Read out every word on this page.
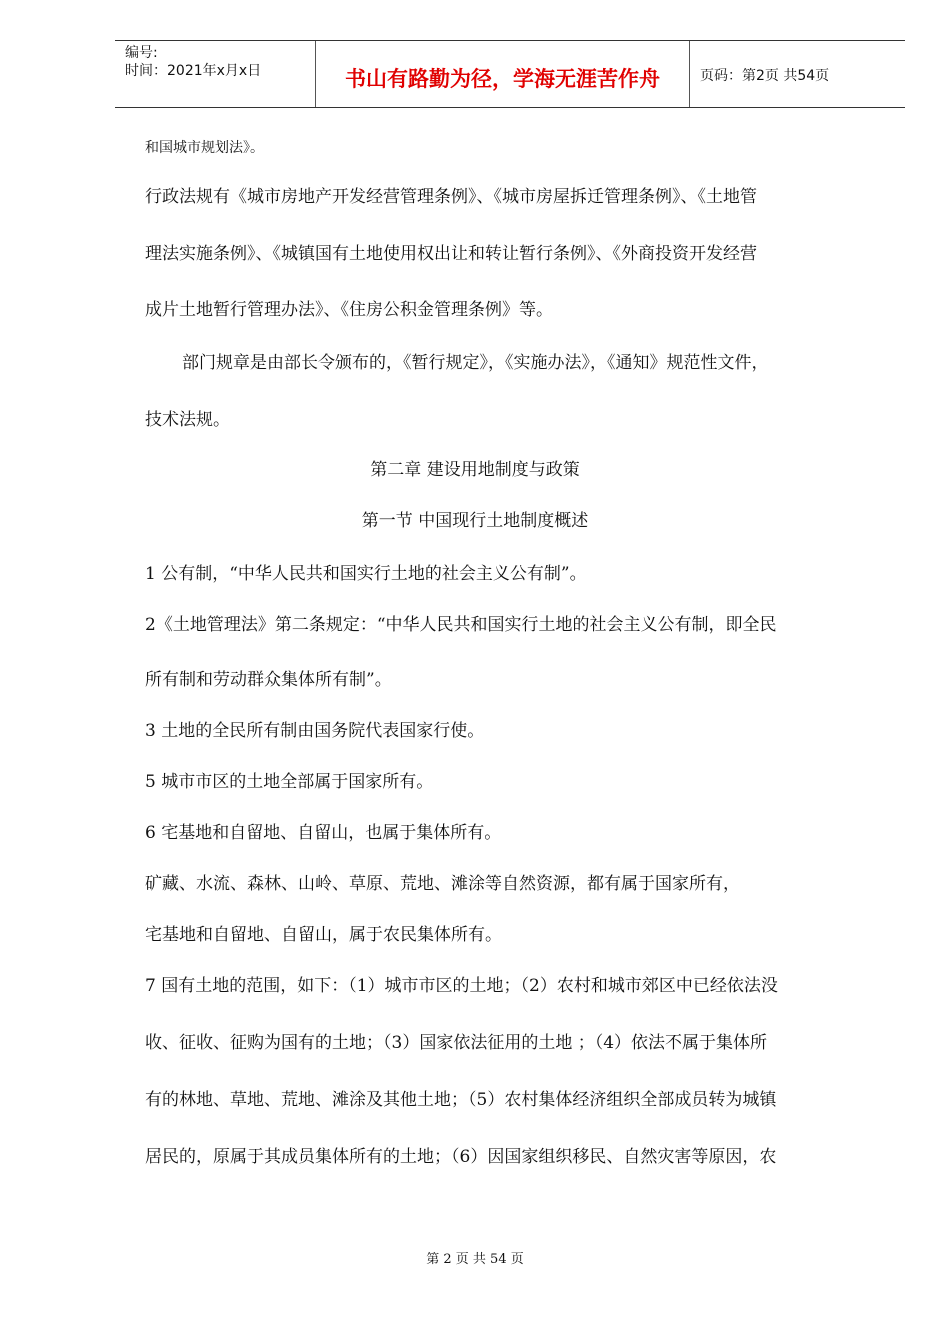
编号:
时间：2021年x月x日	书山有路勤为径，学海无涯苦作舟	页码：第2页 共54页
和国城市规划法》。
行政法规有《城市房地产开发经营管理条例》、《城市房屋拆迁管理条例》、《土地管
理法实施条例》、《城镇国有土地使用权出让和转让暂行条例》、《外商投资开发经营
成片土地暂行管理办法》、《住房公积金管理条例》等。
部门规章是由部长令颁布的，《暂行规定》，《实施办法》，《通知》规范性文件，
技术法规。
第二章 建设用地制度与政策
第一节 中国现行土地制度概述
1 公有制，“中华人民共和国实行土地的社会主义公有制”。
2《土地管理法》第二条规定：“中华人民共和国实行土地的社会主义公有制，即全民
所有制和劳动群众集体所有制”。
3 土地的全民所有制由国务院代表国家行使。
5 城市市区的土地全部属于国家所有。
6 宅基地和自留地、自留山，也属于集体所有。
矿藏、水流、森林、山岭、草原、荒地、滩涂等自然资源，都有属于国家所有，
宅基地和自留地、自留山，属于农民集体所有。
7 国有土地的范围，如下：（1）城市市区的土地；（2）农村和城市郊区中已经依法没
收、征收、征购为国有的土地；（3）国家依法征用的土地 ；（4）依法不属于集体所
有的林地、草地、荒地、滩涂及其他土地；（5）农村集体经济组织全部成员转为城镇
居民的，原属于其成员集体所有的土地；（6）因国家组织移民、自然灾害等原因，农
第 2 页 共 54 页
